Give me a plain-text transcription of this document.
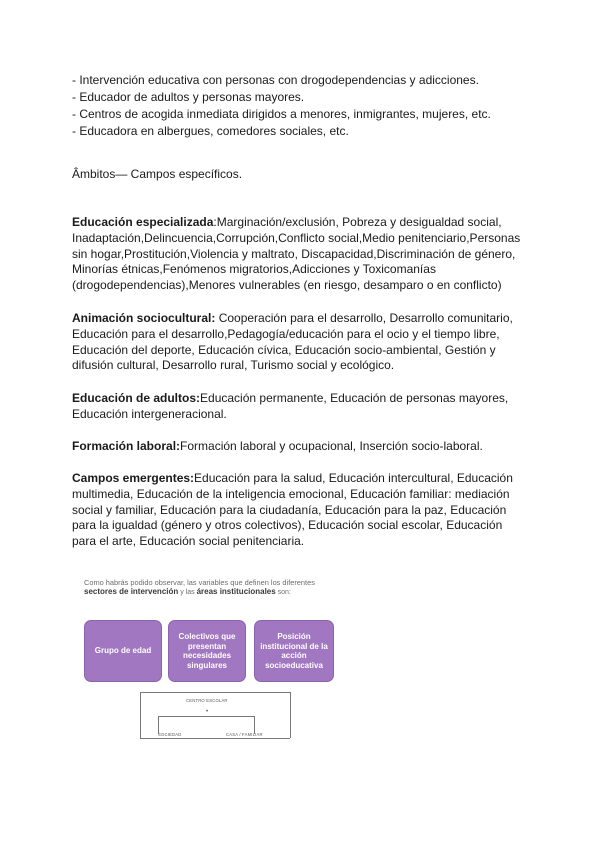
- Intervención educativa con personas con drogodependencias y adicciones.
- Educador de adultos y personas mayores.
- Centros de acogida inmediata dirigidos a menores, inmigrantes, mujeres, etc.
- Educadora en albergues, comedores sociales, etc.
Âmbitos— Campos específicos.
Educación especializada:Marginación/exclusión, Pobreza y desigualdad social, Inadaptación,Delincuencia,Corrupción,Conflicto social,Medio penitenciario,Personas sin hogar,Prostitución,Violencia y maltrato, Discapacidad,Discriminación de género, Minorías étnicas,Fenómenos migratorios,Adicciones y Toxicomanías (drogodependencias),Menores vulnerables (en riesgo, desamparo o en conflicto)
Animación sociocultural: Cooperación para el desarrollo, Desarrollo comunitario, Educación para el desarrollo,Pedagogía/educación para el ocio y el tiempo libre, Educación del deporte, Educación cívica, Educación socio-ambiental, Gestión y difusión cultural, Desarrollo rural, Turismo social y ecológico.
Educación de adultos:Educación permanente, Educación de personas mayores, Educación intergeneracional.
Formación laboral:Formación laboral y ocupacional, Inserción socio-laboral.
Campos emergentes:Educación para la salud, Educación intercultural, Educación multimedia, Educación de la inteligencia emocional, Educación familiar: mediación social y familiar, Educación para la ciudadanía, Educación para la paz, Educación para la igualdad (género y otros colectivos), Educación social escolar, Educación para el arte, Educación social penitenciaria.
Como habrás podido observar, las variables que definen los diferentes
sectores de intervención y las áreas institucionales son:
Grupo de edad
Colectivos que presentan necesidades singulares
Posición institucional de la acción socioeducativa
CENTRO ESCOLAR
SOCIEDAD	CASA / FAMILIAR
▾
